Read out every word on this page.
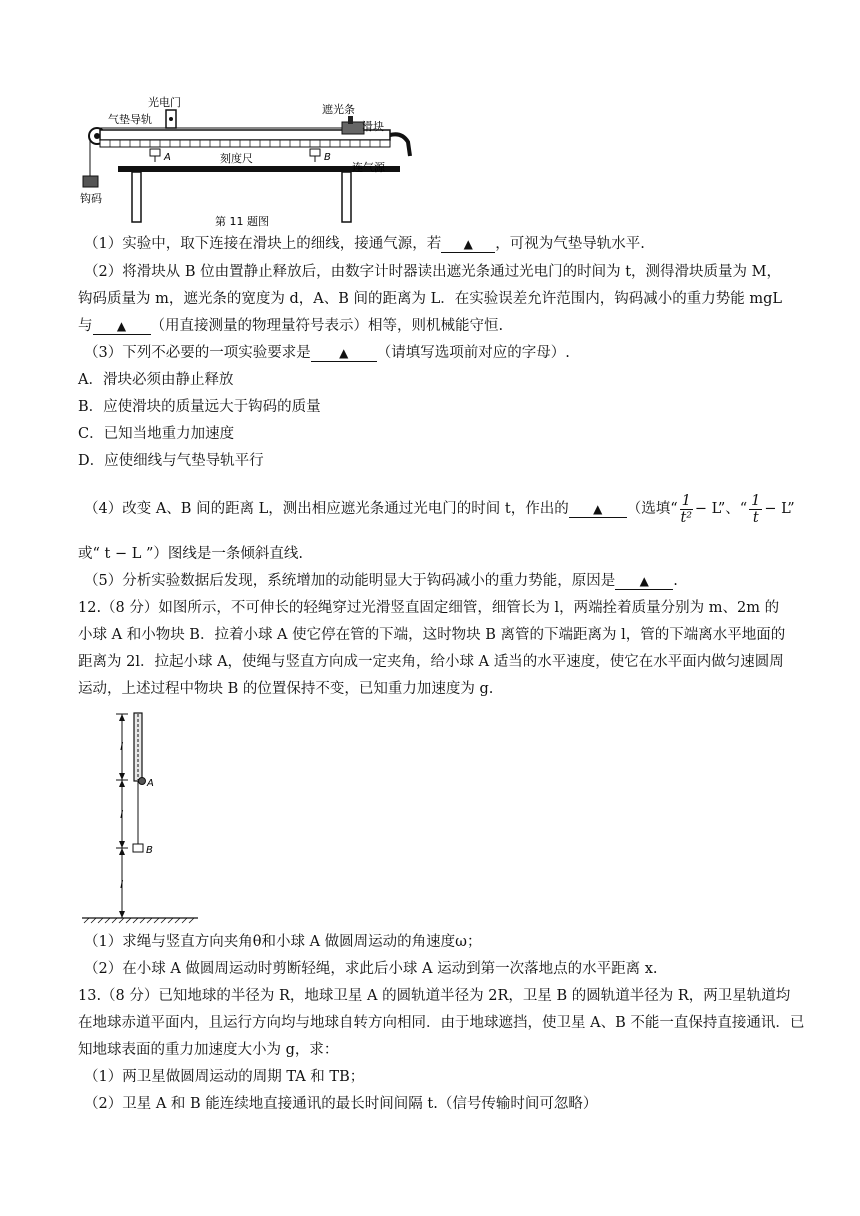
光电门
气垫导轨
遮光条
滑块
A	B
刻度尺
连气源
钩码
第 11 题图
（1）实验中，取下连接在滑块上的细线，接通气源，若 ▲ ，可视为气垫导轨水平.
（2）将滑块从 B 位由置静止释放后，由数字计时器读出遮光条通过光电门的时间为 t，测得滑块质量为 M，
钩码质量为 m，遮光条的宽度为 d，A、B 间的距离为 L．在实验误差允许范围内，钩码减小的重力势能 mgL
与 ▲ （用直接测量的物理量符号表示）相等，则机械能守恒.
（3）下列不必要的一项实验要求是 ▲ （请填写选项前对应的字母）.
A．滑块必须由静止释放
B．应使滑块的质量远大于钩码的质量
C．已知当地重力加速度
D．应使细线与气垫导轨平行
（4）改变 A、B 间的距离 L，测出相应遮光条通过光电门的时间 t，作出的 ▲ （选填“ $\frac{1}{\text{t²}} - L$”、“ $\frac{1}{t} - L$”
或“ t − L ”）图线是一条倾斜直线.
（5）分析实验数据后发现，系统增加的动能明显大于钩码减小的重力势能，原因是 ▲ .
12.（8 分）如图所示，不可伸长的轻绳穿过光滑竖直固定细管，细管长为 l，两端拴着质量分别为 m、2m 的
小球 A 和小物块 B．拉着小球 A 使它停在管的下端，这时物块 B 离管的下端距离为 l，管的下端离水平地面的
距离为 2l．拉起小球 A，使绳与竖直方向成一定夹角，给小球 A 适当的水平速度，使它在水平面内做匀速圆周
运动，上述过程中物块 B 的位置保持不变，已知重力加速度为 g.
l
l
l
A
B
（1）求绳与竖直方向夹角θ和小球 A 做圆周运动的角速度ω；
（2）在小球 A 做圆周运动时剪断轻绳，求此后小球 A 运动到第一次落地点的水平距离 x.
13.（8 分）已知地球的半径为 R，地球卫星 A 的圆轨道半径为 2R，卫星 B 的圆轨道半径为 R，两卫星轨道均
在地球赤道平面内，且运行方向均与地球自转方向相同．由于地球遮挡，使卫星 A、B 不能一直保持直接通讯．已
知地球表面的重力加速度大小为 g，求：
（1）两卫星做圆周运动的周期 TA 和 TB；
（2）卫星 A 和 B 能连续地直接通讯的最长时间间隔 t.（信号传输时间可忽略）
